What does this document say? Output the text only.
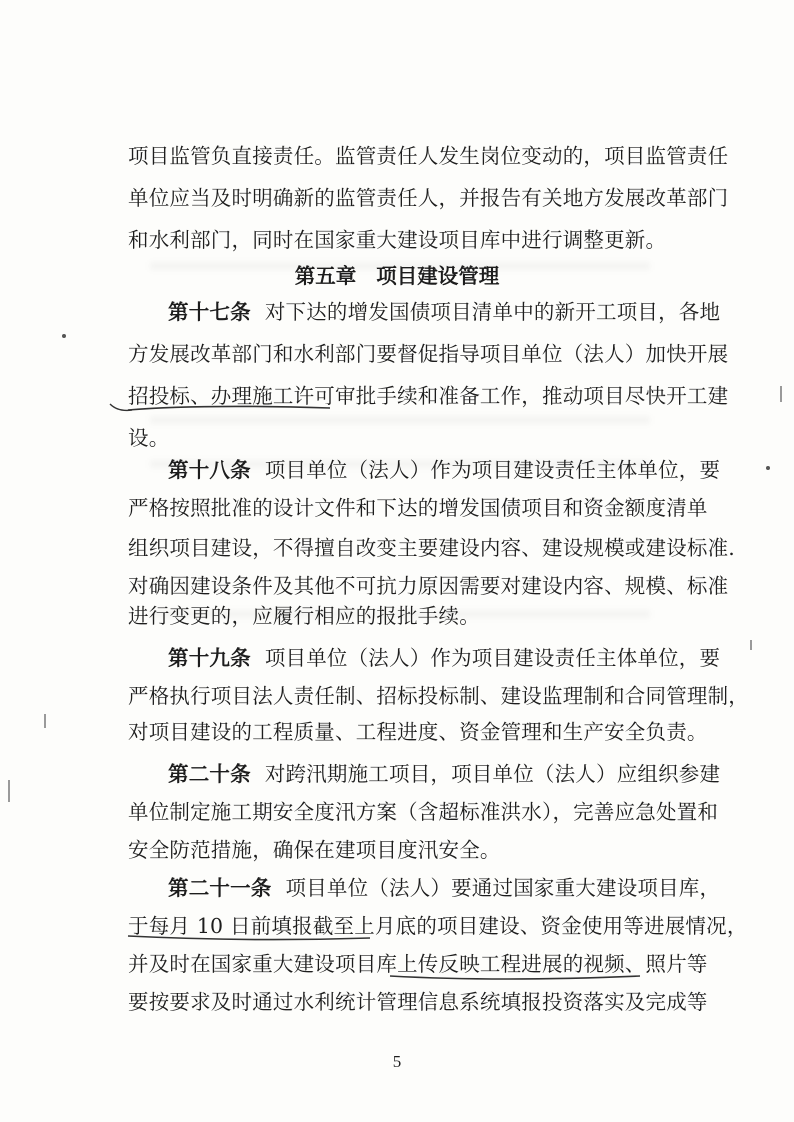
项目监管负直接责任。监管责任人发生岗位变动的，项目监管责任
单位应当及时明确新的监管责任人，并报告有关地方发展改革部门
和水利部门，同时在国家重大建设项目库中进行调整更新。
第五章 项目建设管理
第十七条 对下达的增发国债项目清单中的新开工项目，各地
方发展改革部门和水利部门要督促指导项目单位（法人）加快开展
招投标、办理施工许可审批手续和准备工作，推动项目尽快开工建
设。
第十八条 项目单位（法人）作为项目建设责任主体单位，要
严格按照批准的设计文件和下达的增发国债项目和资金额度清单
组织项目建设，不得擅自改变主要建设内容、建设规模或建设标准.
对确因建设条件及其他不可抗力原因需要对建设内容、规模、标准
进行变更的，应履行相应的报批手续。
第十九条 项目单位（法人）作为项目建设责任主体单位，要
严格执行项目法人责任制、招标投标制、建设监理制和合同管理制，
对项目建设的工程质量、工程进度、资金管理和生产安全负责。
第二十条 对跨汛期施工项目，项目单位（法人）应组织参建
单位制定施工期安全度汛方案（含超标准洪水），完善应急处置和
安全防范措施，确保在建项目度汛安全。
第二十一条 项目单位（法人）要通过国家重大建设项目库，
于每月 10 日前填报截至上月底的项目建设、资金使用等进展情况，
并及时在国家重大建设项目库上传反映工程进展的视频、照片等
要按要求及时通过水利统计管理信息系统填报投资落实及完成等
5
